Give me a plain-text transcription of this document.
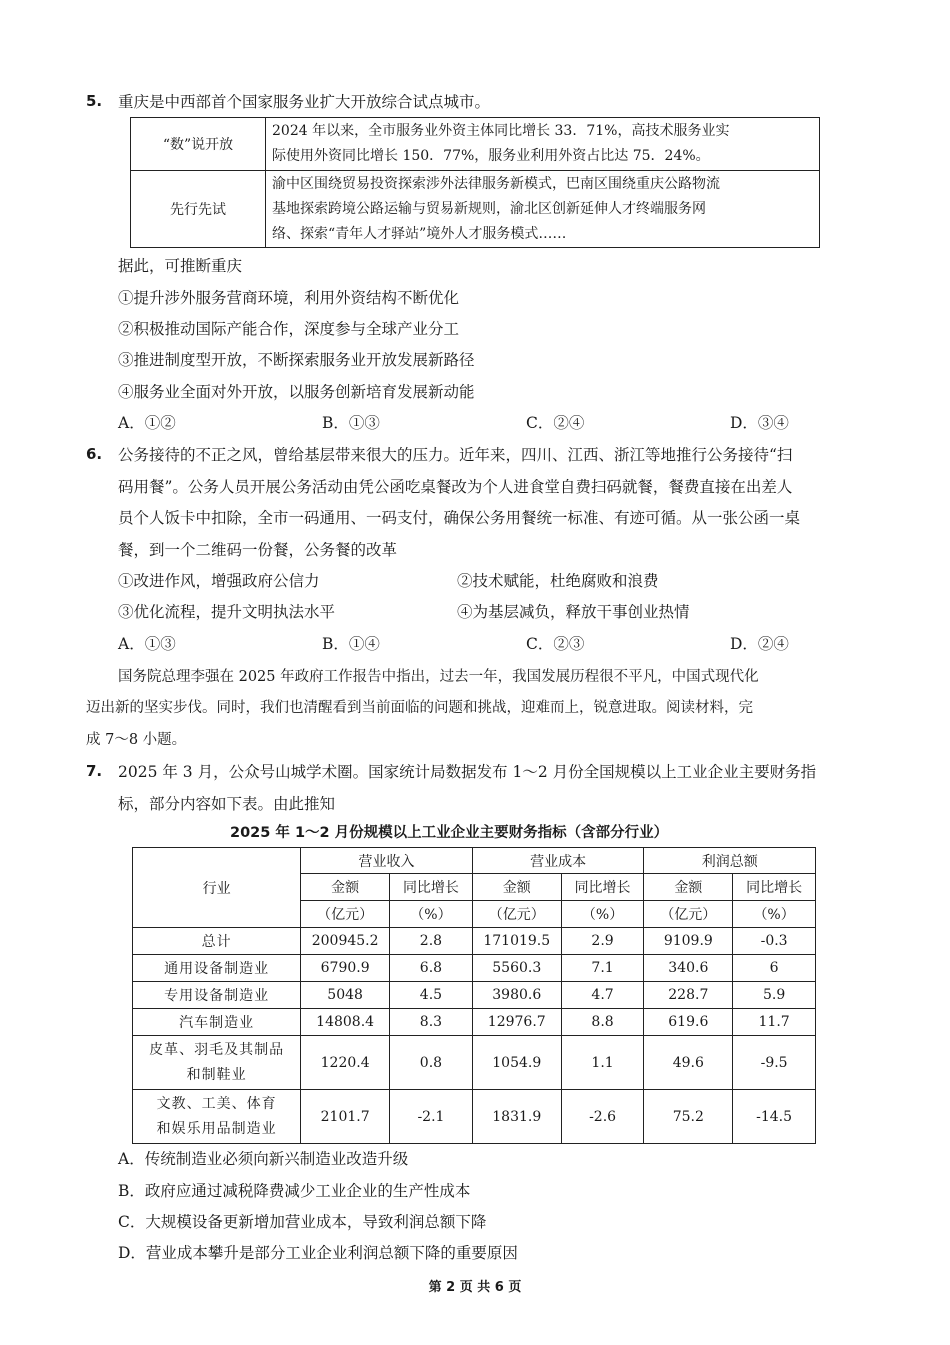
5. 重庆是中西部首个国家服务业扩大开放综合试点城市。
“数”说开放	2024 年以来，全市服务业外资主体同比增长 33．71%，高技术服务业实
际使用外资同比增长 150．77%，服务业利用外资占比达 75．24%。

先行先试	渝中区围绕贸易投资探索涉外法律服务新模式，巴南区围绕重庆公路物流
基地探索跨境公路运输与贸易新规则，渝北区创新延伸人才终端服务网
络、探索“青年人才驿站”境外人才服务模式……
据此，可推断重庆
①提升涉外服务营商环境，利用外资结构不断优化
②积极推动国际产能合作，深度参与全球产业分工
③推进制度型开放，不断探索服务业开放发展新路径
④服务业全面对外开放，以服务创新培育发展新动能
A．①②	B．①③	C．②④	D．③④
6. 公务接待的不正之风，曾给基层带来很大的压力。近年来，四川、江西、浙江等地推行公务接待“扫
码用餐”。公务人员开展公务活动由凭公函吃桌餐改为个人进食堂自费扫码就餐，餐费直接在出差人
员个人饭卡中扣除，全市一码通用、一码支付，确保公务用餐统一标准、有迹可循。从一张公函一桌
餐，到一个二维码一份餐，公务餐的改革
①改进作风，增强政府公信力	②技术赋能，杜绝腐败和浪费
③优化流程，提升文明执法水平	④为基层减负，释放干事创业热情
A．①③	B．①④	C．②③	D．②④
国务院总理李强在 2025 年政府工作报告中指出，过去一年，我国发展历程很不平凡，中国式现代化
迈出新的坚实步伐。同时，我们也清醒看到当前面临的问题和挑战，迎难而上，锐意进取。阅读材料，完
成 7～8 小题。
7. 2025 年 3 月，公众号山城学术圈。国家统计局数据发布 1～2 月份全国规模以上工业企业主要财务指
标，部分内容如下表。由此推知
2025 年 1～2 月份规模以上工业企业主要财务指标（含部分行业）
行业	营业收入		营业成本		利润总额	
	金额	同比增长	金额	同比增长	金额	同比增长
	（亿元）	（%）	（亿元）	（%）	（亿元）	（%）
总计	200945.2	2.8	171019.5	2.9	9109.9	-0.3
通用设备制造业	6790.9	6.8	5560.3	7.1	340.6	6
专用设备制造业	5048	4.5	3980.6	4.7	228.7	5.9
汽车制造业	14808.4	8.3	12976.7	8.8	619.6	11.7

皮革、羽毛及其制品
和制鞋业	1220.4	0.8	1054.9	1.1	49.6	-9.5

文教、工美、体育
和娱乐用品制造业	2101.7	-2.1	1831.9	-2.6	75.2	-14.5
A．传统制造业必须向新兴制造业改造升级
B．政府应通过减税降费减少工业企业的生产性成本
C．大规模设备更新增加营业成本，导致利润总额下降
D．营业成本攀升是部分工业企业利润总额下降的重要原因
第 2 页 共 6 页
